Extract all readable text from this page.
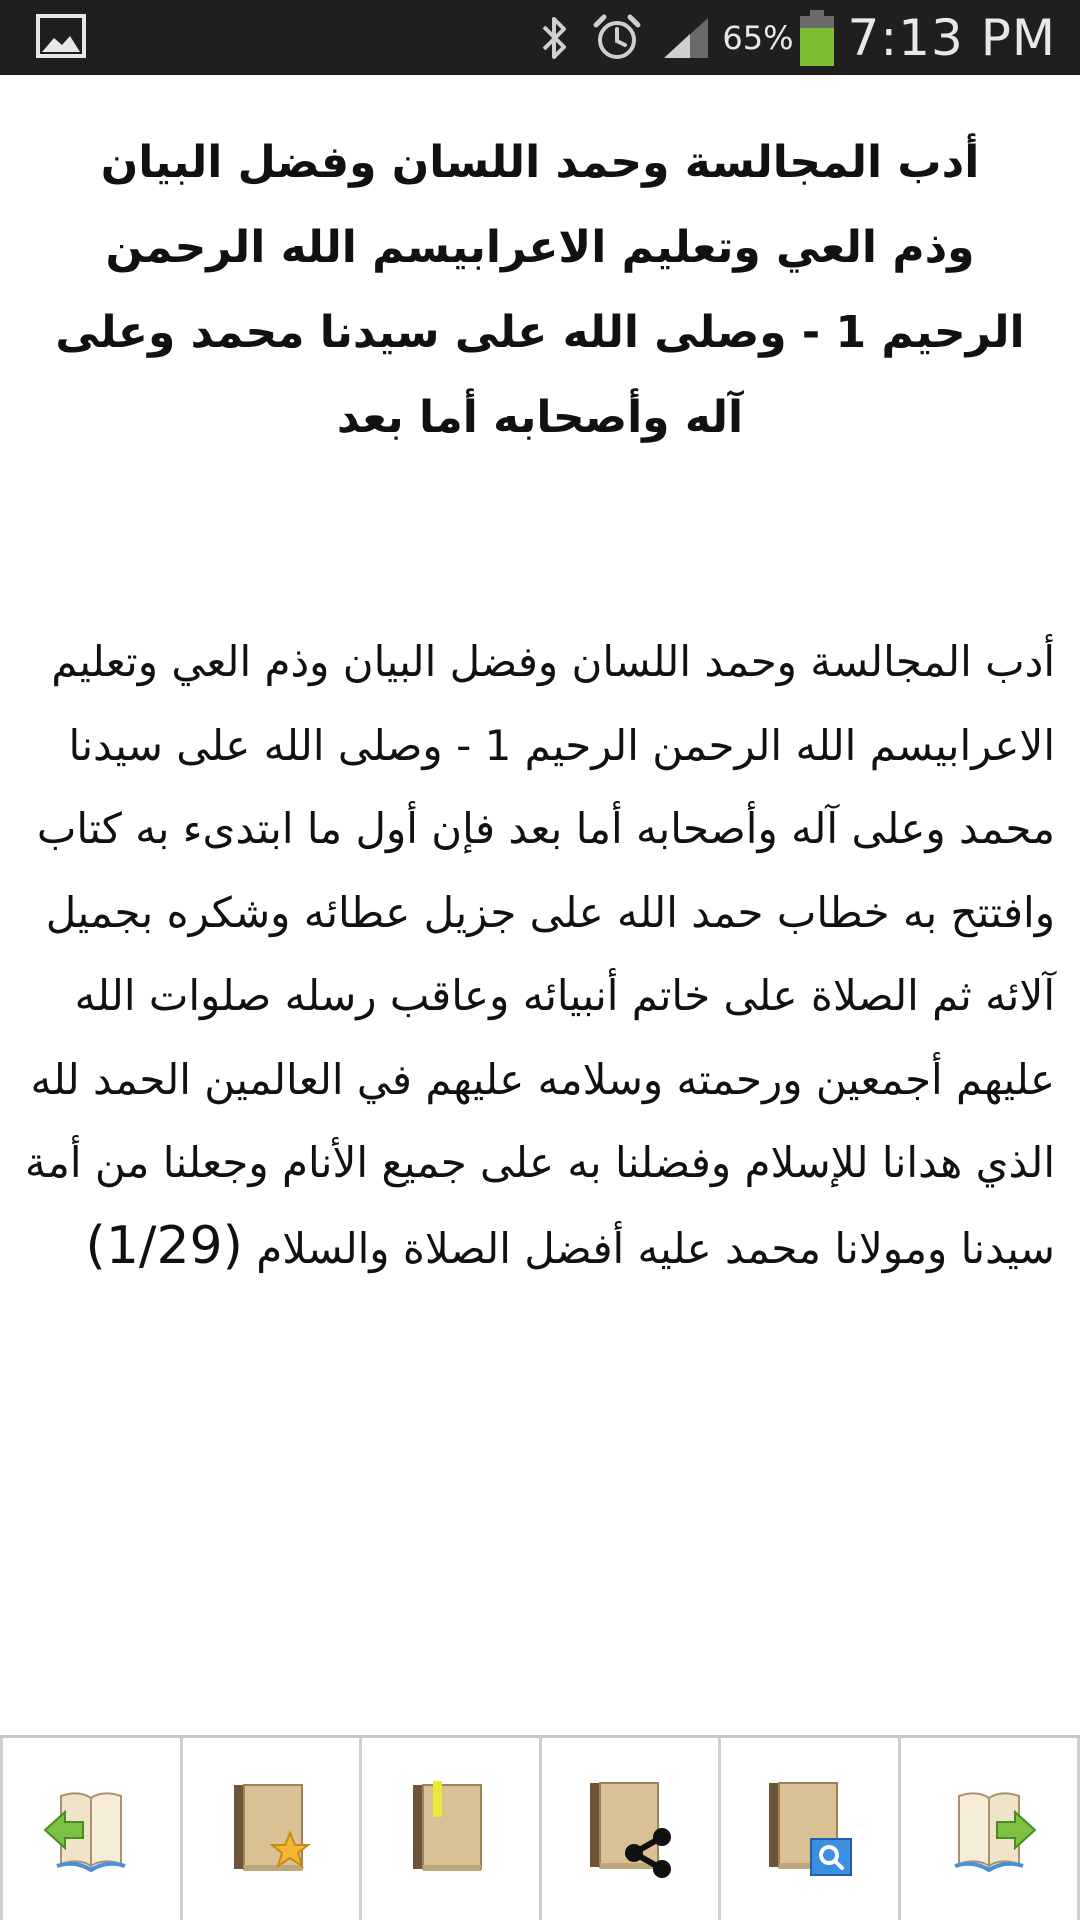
65% 7:13 PM
أدب المجالسة وحمد اللسان وفضل البيان وذم العي وتعليم الاعرابيسم الله الرحمن الرحيم 1 - وصلى الله على سيدنا محمد وعلى آله وأصحابه أما بعد

أدب المجالسة وحمد اللسان وفضل البيان وذم العي وتعليم الاعرابيسم الله الرحمن الرحيم 1 - وصلى الله على سيدنا محمد وعلى آله وأصحابه أما بعد فإن أول ما ابتدىء به كتاب وافتتح به خطاب حمد الله على جزيل عطائه وشكره بجميل آلائه ثم الصلاة على خاتم أنبيائه وعاقب رسله صلوات الله عليهم أجمعين ورحمته وسلامه عليهم في العالمين الحمد لله الذي هدانا للإسلام وفضلنا به على جميع الأنام وجعلنا من أمة سيدنا ومولانا محمد عليه أفضل الصلاة والسلام (1/29)
